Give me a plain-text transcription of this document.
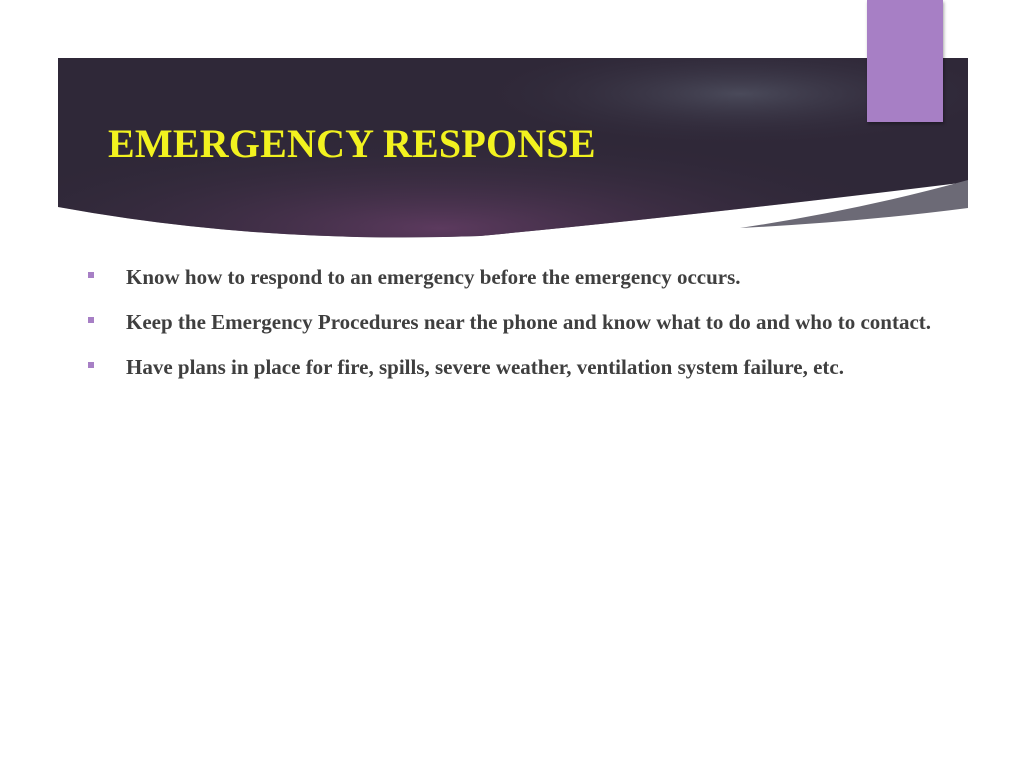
EMERGENCY RESPONSE
Know how to respond to an emergency before the emergency occurs.
Keep the Emergency Procedures near the phone and know what to do and who to contact.
Have plans in place for fire, spills, severe weather, ventilation system failure, etc.
